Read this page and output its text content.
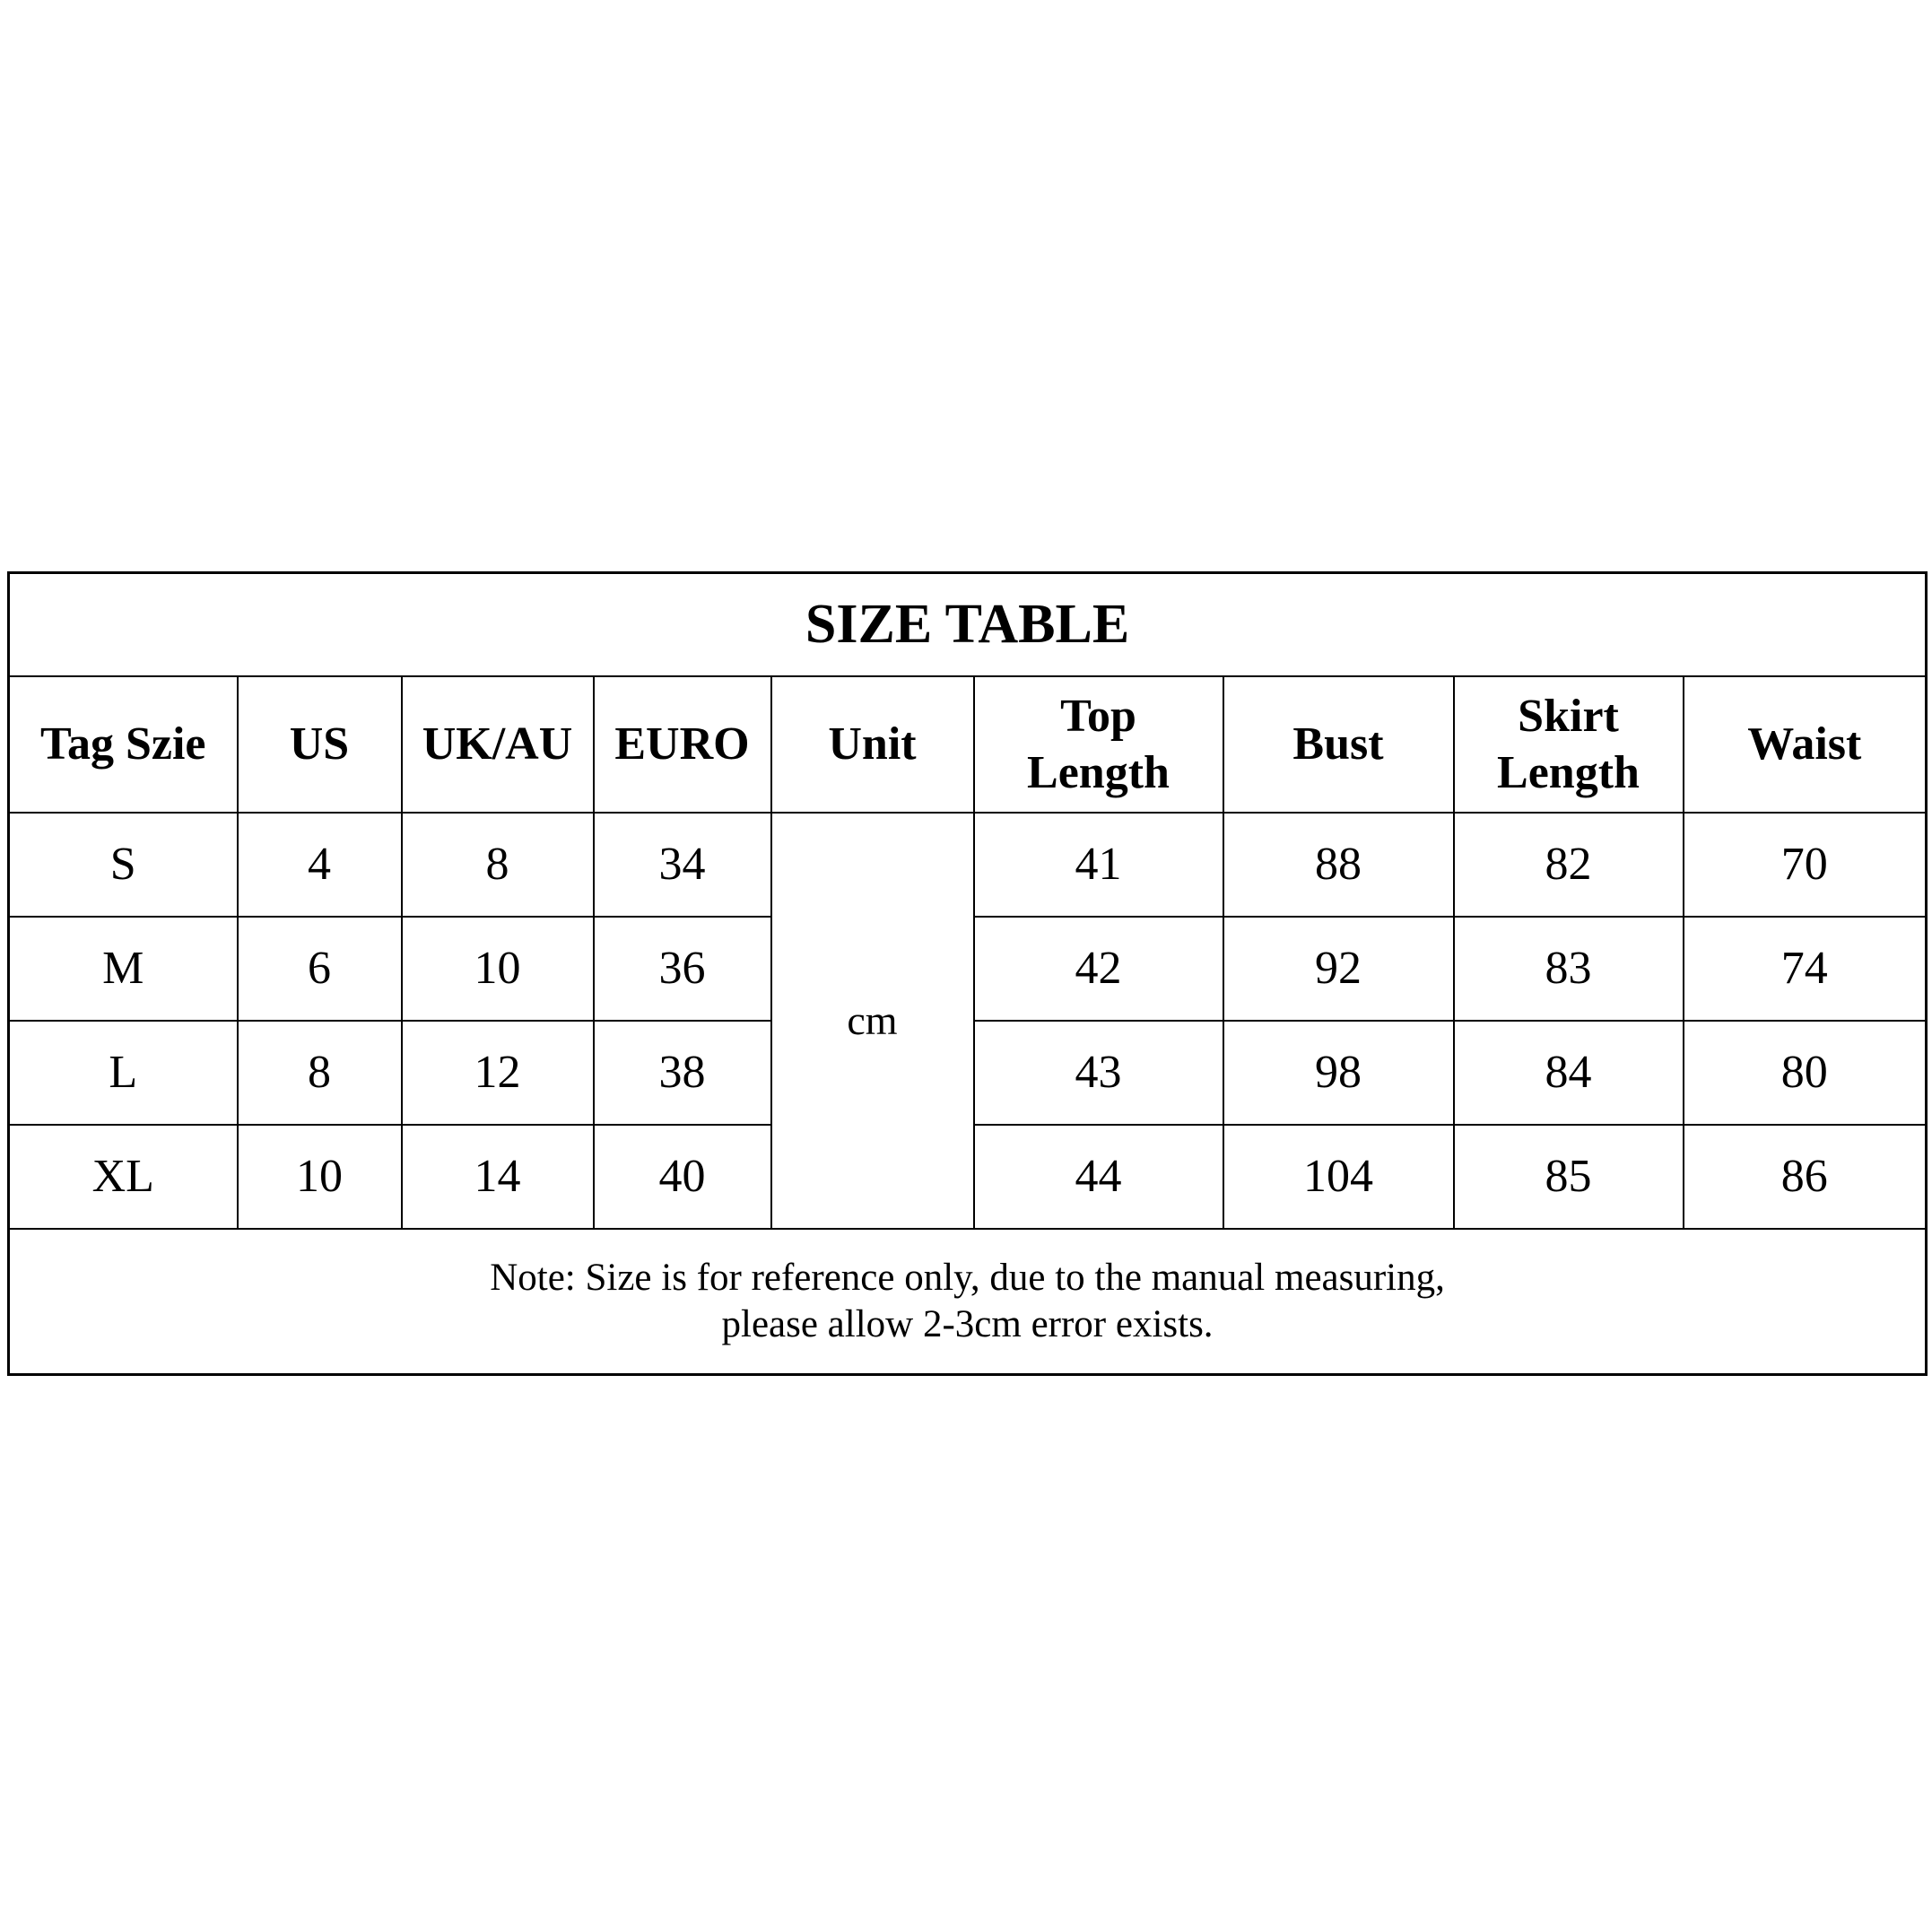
SIZE TABLE								
Tag Szie	US	UK/AU	EURO	Unit	Top Length	Bust	Skirt Length	Waist
S	4	8	34	cm	41	88	82	70
M	6	10	36		42	92	83	74
L	8	12	38		43	98	84	80
XL	10	14	40		44	104	85	86

Note: Size is for reference only, due to the manual measuring,
please allow 2-3cm error exists.								
